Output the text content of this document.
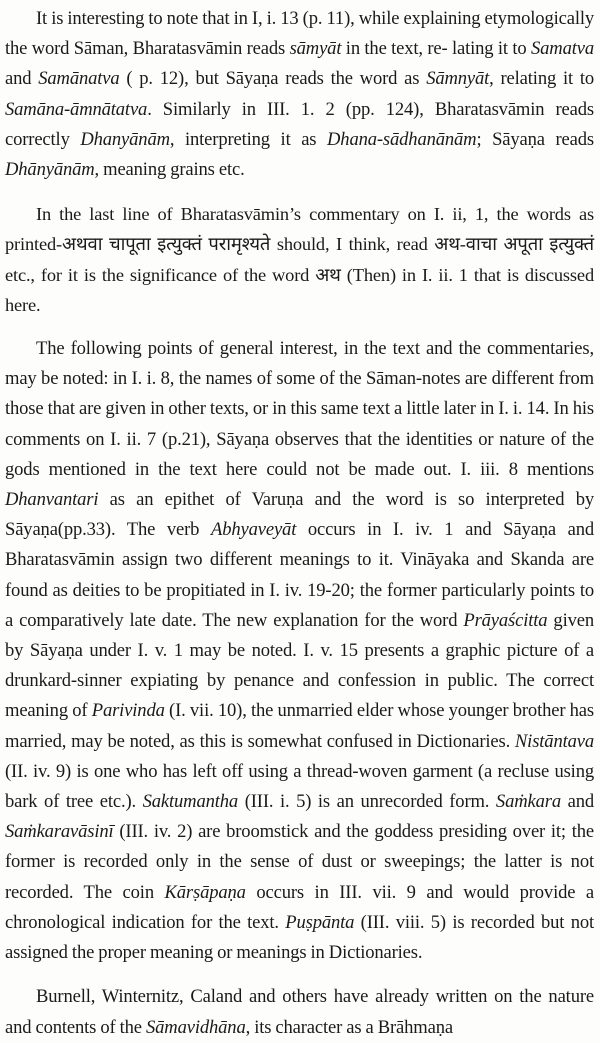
It is interesting to note that in I, i. 13 (p. 11), while explaining etymologically the word Sāman, Bharatasvāmin reads sāmyāt in the text, re- lating it to Samatva and Samānatva ( p. 12), but Sāyaṇa reads the word as Sāmnyāt, relating it to Samāna-āmnātatva. Similarly in III. 1. 2 (pp. 124), Bharatasvāmin reads correctly Dhanyānām, interpreting it as Dhana-sādhanānām; Sāyaṇa reads Dhānyānām, meaning grains etc.

In the last line of Bharatasvāmin’s commentary on I. ii, 1, the words as printed-अथवा चापूता इत्युक्तं परामृश्यते should, I think, read अथ-वाचा अपूता इत्युक्तं etc., for it is the significance of the word अथ (Then) in I. ii. 1 that is discussed here.

The following points of general interest, in the text and the commentaries, may be noted: in I. i. 8, the names of some of the Sāman-notes are different from those that are given in other texts, or in this same text a little later in I. i. 14. In his comments on I. ii. 7 (p.21), Sāyaṇa observes that the identities or nature of the gods mentioned in the text here could not be made out. I. iii. 8 mentions Dhanvantari as an epithet of Varuṇa and the word is so interpreted by Sāyaṇa(pp.33). The verb Abhyaveyāt occurs in I. iv. 1 and Sāyaṇa and Bharatasvāmin assign two different meanings to it. Vināyaka and Skanda are found as deities to be propitiated in I. iv. 19-20; the former particularly points to a comparatively late date. The new explanation for the word Prāyaścitta given by Sāyaṇa under I. v. 1 may be noted. I. v. 15 presents a graphic picture of a drunkard-sinner expiating by penance and confession in public. The correct meaning of Parivinda (I. vii. 10), the unmarried elder whose younger brother has married, may be noted, as this is somewhat confused in Dictionaries. Nistāntava (II. iv. 9) is one who has left off using a thread-woven garment (a recluse using bark of tree etc.). Saktumantha (III. i. 5) is an unrecorded form. Saṁkara and Saṁkaravāsinī (III. iv. 2) are broomstick and the goddess presiding over it; the former is recorded only in the sense of dust or sweepings; the latter is not recorded. The coin Kārṣāpaṇa occurs in III. vii. 9 and would provide a chronological indication for the text. Puṣpānta (III. viii. 5) is recorded but not assigned the proper meaning or meanings in Dictionaries.

Burnell, Winternitz, Caland and others have already written on the nature and contents of the Sāmavidhāna, its character as a Brāhmaṇa
